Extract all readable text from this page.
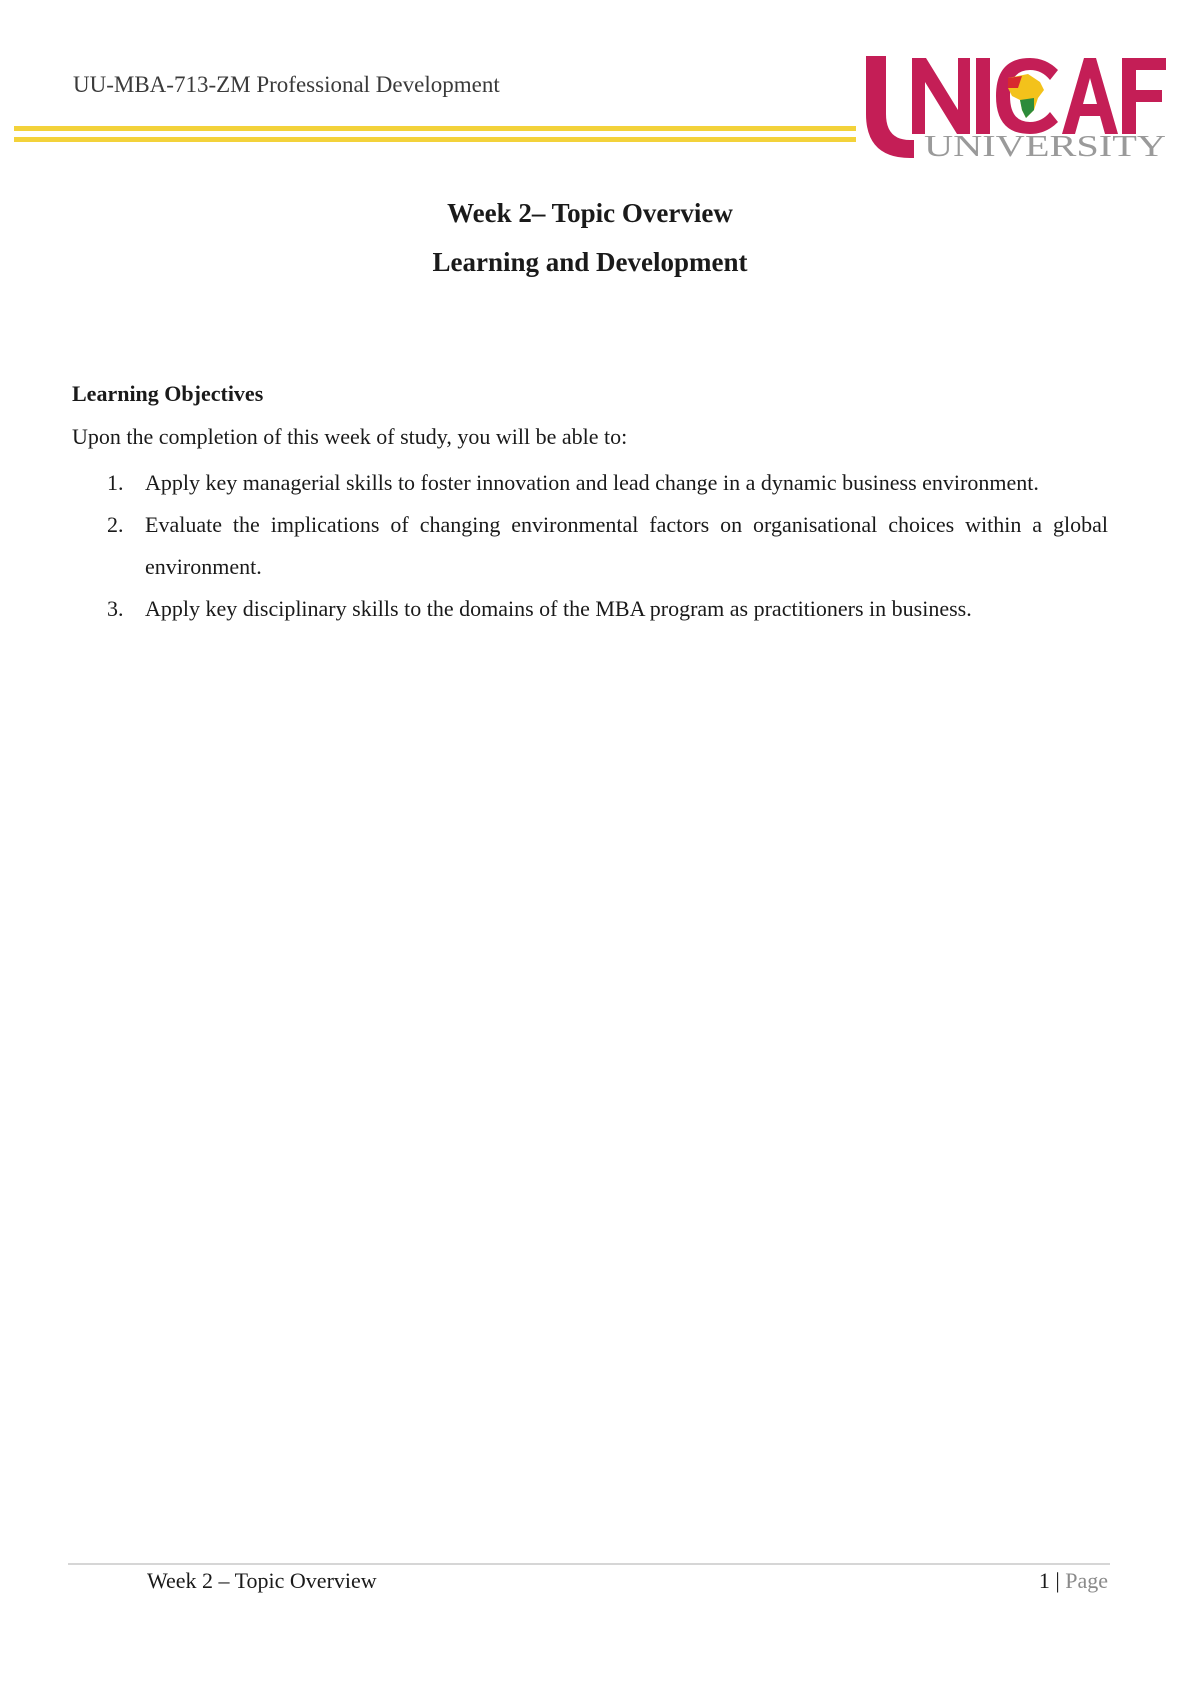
UU-MBA-713-ZM Professional Development
UNIVERSITY
Week 2– Topic Overview
Learning and Development
Learning Objectives
Upon the completion of this week of study, you will be able to:
1. Apply key managerial skills to foster innovation and lead change in a dynamic business environment.
2. Evaluate the implications of changing environmental factors on organisational choices within a global environment.
3. Apply key disciplinary skills to the domains of the MBA program as practitioners in business.
Week 2 – Topic Overview	1 | Page
